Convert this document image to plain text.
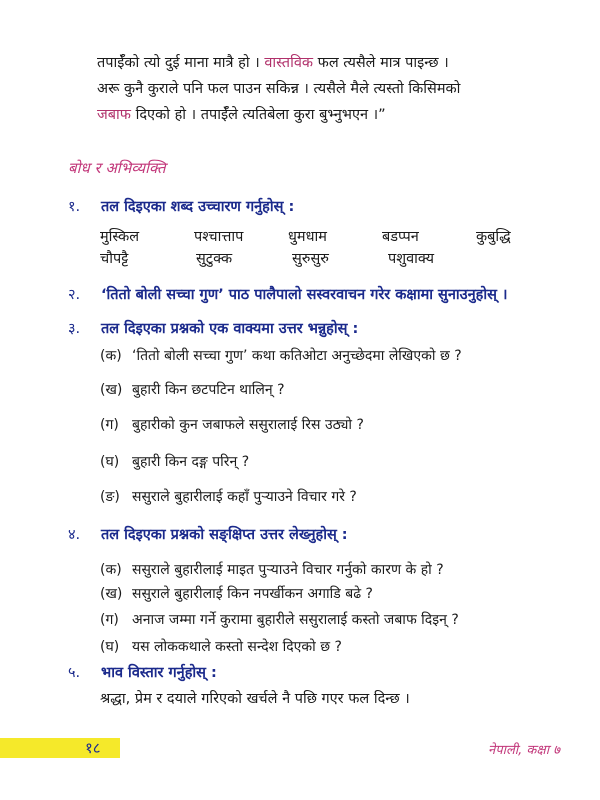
तपाईँको त्यो दुई माना मात्रै हो । वास्तविक फल त्यसैले मात्र पाइन्छ ।

अरू कुनै कुराले पनि फल पाउन सकिन्न । त्यसैले मैले त्यस्तो किसिमको

जबाफ दिएको हो । तपाईँले त्यतिबेला कुरा बुभ्नुभएन ।”

बोध र अभिव्यक्ति
१. तल दिइएका शब्द उच्चारण गर्नुहोस् :
मुस्किल	पश्चात्ताप	धुमधाम	बडप्पन	कुबुद्धि
चौपट्टै	सुटुक्क	सुरुसुरु	पशुवाक्य
२. ‘तितो बोली सच्चा गुण’ पाठ पालैपालो सस्वरवाचन गरेर कक्षामा सुनाउनुहोस् ।
३. तल दिइएका प्रश्नको एक वाक्यमा उत्तर भन्नुहोस् :
(क) ‘तितो बोली सच्चा गुण’ कथा कतिओटा अनुच्छेदमा लेखिएको छ ?
(ख) बुहारी किन छटपटिन थालिन् ?
(ग) बुहारीको कुन जबाफले ससुरालाई रिस उठ्यो ?
(घ) बुहारी किन दङ्ग परिन् ?
(ङ) ससुराले बुहारीलाई कहाँ पुऱ्याउने विचार गरे ?
४. तल दिइएका प्रश्नको सङ्क्षिप्त उत्तर लेख्नुहोस् :
(क) ससुराले बुहारीलाई माइत पुऱ्याउने विचार गर्नुको कारण के हो ?
(ख) ससुराले बुहारीलाई किन नपर्खीकन अगाडि बढे ?
(ग) अनाज जम्मा गर्ने कुरामा बुहारीले ससुरालाई कस्तो जबाफ दिइन् ?
(घ) यस लोककथाले कस्तो सन्देश दिएको छ ?
५. भाव विस्तार गर्नुहोस् :
श्रद्धा, प्रेम र दयाले गरिएको खर्चले नै पछि गएर फल दिन्छ ।
१८	नेपाली, कक्षा ७
